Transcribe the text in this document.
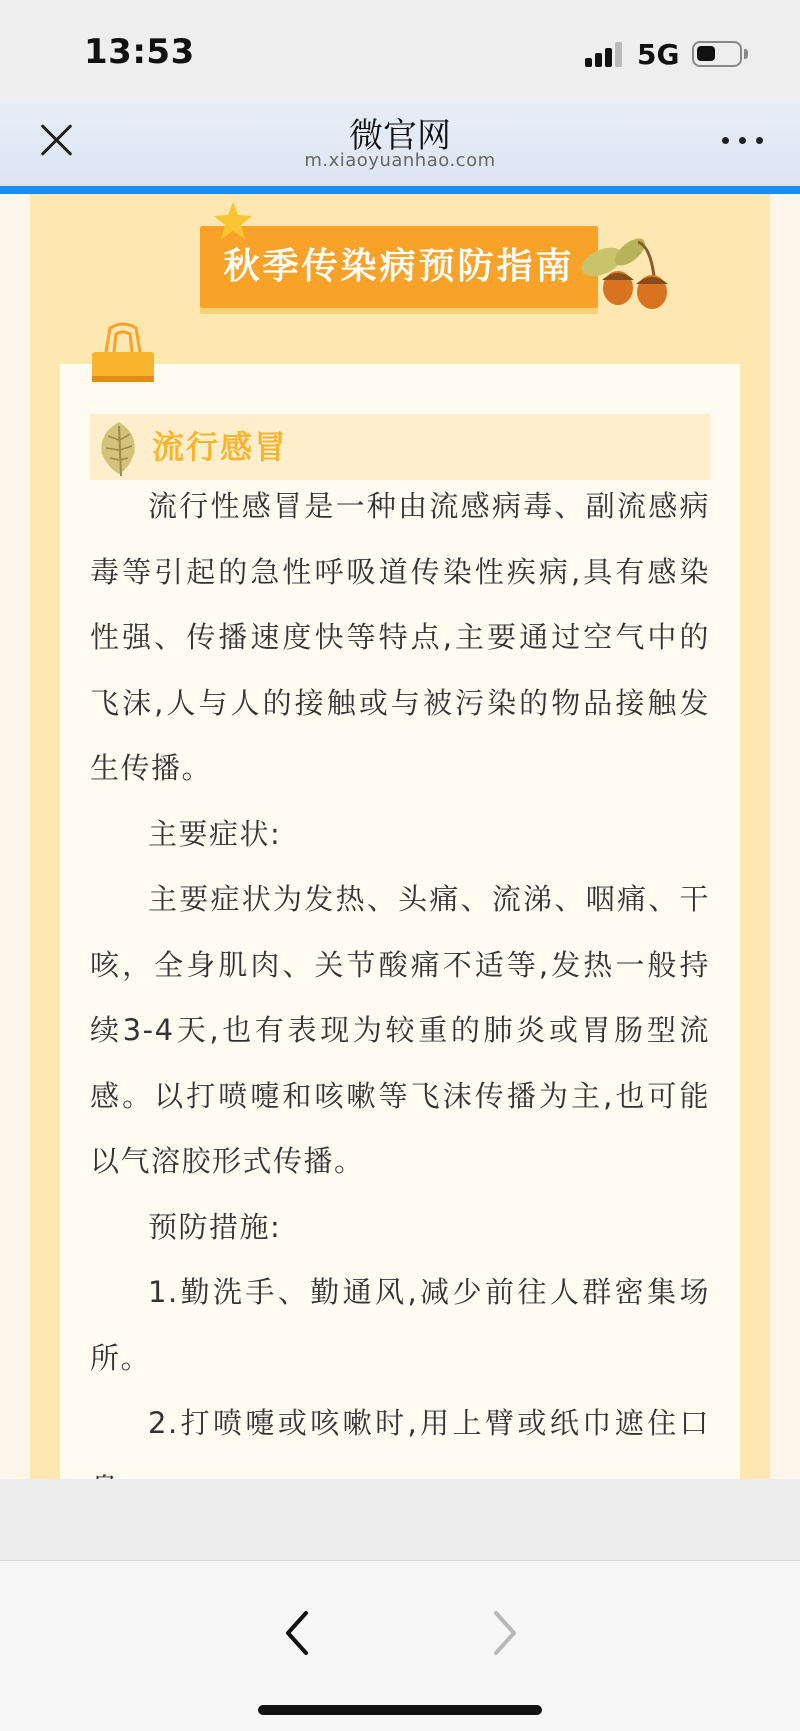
13:53	5G
微官网
m.xiaoyuanhao.com
秋季传染病预防指南
流行感冒

流行性感冒是一种由流感病毒、副流感病毒等引起的急性呼吸道传染性疾病,具有感染性强、传播速度快等特点,主要通过空气中的飞沫,人与人的接触或与被污染的物品接触发生传播。

主要症状:

主要症状为发热、头痛、流涕、咽痛、干咳，全身肌肉、关节酸痛不适等,发热一般持续3-4天,也有表现为较重的肺炎或胃肠型流感。以打喷嚏和咳嗽等飞沫传播为主,也可能以气溶胶形式传播。

预防措施:

1.勤洗手、勤通风,减少前往人群密集场所。

2.打喷嚏或咳嗽时,用上臂或纸巾遮住口
